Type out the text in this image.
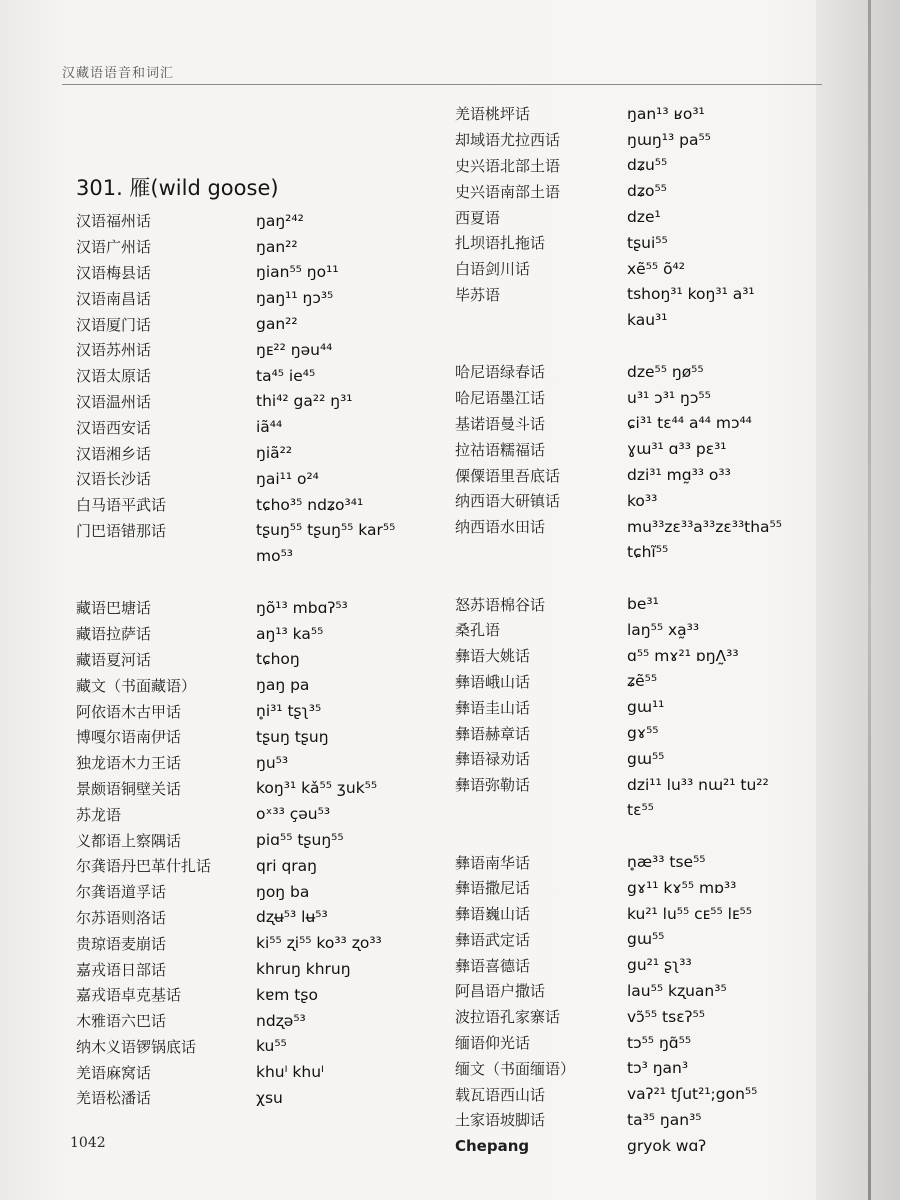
汉藏语语音和词汇
301. 雁(wild goose)
汉语福州话	ŋaŋ²⁴²
汉语广州话	ŋan²²
汉语梅县话	ŋian⁵⁵ ŋo¹¹
汉语南昌话	ŋaŋ¹¹ ŋɔ³⁵
汉语厦门话	gan²²
汉语苏州话	ŋᴇ²² ŋəu⁴⁴
汉语太原话	ta⁴⁵ ie⁴⁵
汉语温州话	thi⁴² ga²² ŋ³¹
汉语西安话	iã⁴⁴
汉语湘乡话	ŋiã²²
汉语长沙话	ŋai¹¹ o²⁴
白马语平武话	tɕho³⁵ ndʑo³⁴¹
门巴语错那话	tʂuŋ⁵⁵ tʂuŋ⁵⁵ kar⁵⁵
mo⁵³
藏语巴塘话	ŋõ¹³ mbɑʔ⁵³
藏语拉萨话	aŋ¹³ ka⁵⁵
藏语夏河话	tɕhoŋ
藏文（书面藏语）	ŋaŋ pa
阿依语木古甲话	n̥i³¹ tʂʅ³⁵
博嘎尔语南伊话	tʂuŋ tʂuŋ
独龙语木力王话	ŋu⁵³
景颇语铜壁关话	koŋ³¹ kǎ⁵⁵ ʒuk⁵⁵
苏龙语	oˣ³³ çəu⁵³
义都语上察隅话	piɑ⁵⁵ tʂuŋ⁵⁵
尔龚语丹巴革什扎话	qri qraŋ
尔龚语道孚话	ŋoŋ ba
尔苏语则洛话	dʐʉ⁵³ lʉ⁵³
贵琼语麦崩话	ki⁵⁵ ʐi⁵⁵ ko³³ ʐo³³
嘉戎语日部话	khruŋ khruŋ
嘉戎语卓克基话	kɐm tʂo
木雅语六巴话	ndʐə⁵³
纳木义语锣锅底话	ku⁵⁵
羌语麻窝话	khuᴵ khuᴵ
羌语松潘话	χsu
羌语桃坪话	ŋan¹³ ʁo³¹
却域语尤拉西话	ŋɯŋ¹³ pa⁵⁵
史兴语北部土语	dʑu⁵⁵
史兴语南部土语	dʑo⁵⁵
西夏语	dze¹
扎坝语扎拖话	tʂui⁵⁵
白语剑川话	xẽ⁵⁵ õ⁴²
毕苏语	tshoŋ³¹ koŋ³¹ a³¹
kau³¹
哈尼语绿春话	dze⁵⁵ ŋø⁵⁵
哈尼语墨江话	u³¹ ɔ³¹ ŋɔ⁵⁵
基诺语曼斗话	ɕi³¹ tɛ⁴⁴ a⁴⁴ mɔ⁴⁴
拉祜语糯福话	ɣɯ³¹ ɑ³³ pɛ³¹
傈僳语里吾底话	dzi³¹ mɑ̰³³ o³³
纳西语大研镇话	ko³³
纳西语水田话	mu³³zɛ³³a³³zɛ³³tha⁵⁵
tɕhĩ⁵⁵
怒苏语棉谷话	be³¹
桑孔语	laŋ⁵⁵ xa̰³³
彝语大姚话	ɑ⁵⁵ mɤ²¹ ɒŋɅ̰³³
彝语峨山话	ʑẽ⁵⁵
彝语圭山话	gɯ¹¹
彝语赫章话	gɤ⁵⁵
彝语禄劝话	gɯ⁵⁵
彝语弥勒话	dzi¹¹ lu³³ nɯ²¹ tu²²
tɛ⁵⁵
彝语南华话	n̥æ³³ tse⁵⁵
彝语撒尼话	gɤ¹¹ kɤ⁵⁵ mɒ³³
彝语巍山话	ku²¹ lu⁵⁵ ᴄᴇ⁵⁵ lᴇ⁵⁵
彝语武定话	gɯ⁵⁵
彝语喜德话	gu²¹ ʂʅ³³
阿昌语户撒话	lau⁵⁵ kʐuan³⁵
波拉语孔家寨话	vɔ̃⁵⁵ tsɛʔ⁵⁵
缅语仰光话	tɔ⁵⁵ ŋɑ̃⁵⁵
缅文（书面缅语）	tɔ³ ŋan³
载瓦语西山话	vaʔ²¹ tʃut²¹;gon⁵⁵
土家语坡脚话	ta³⁵ ŋan³⁵
Chepang	gryok wɑʔ
1042
